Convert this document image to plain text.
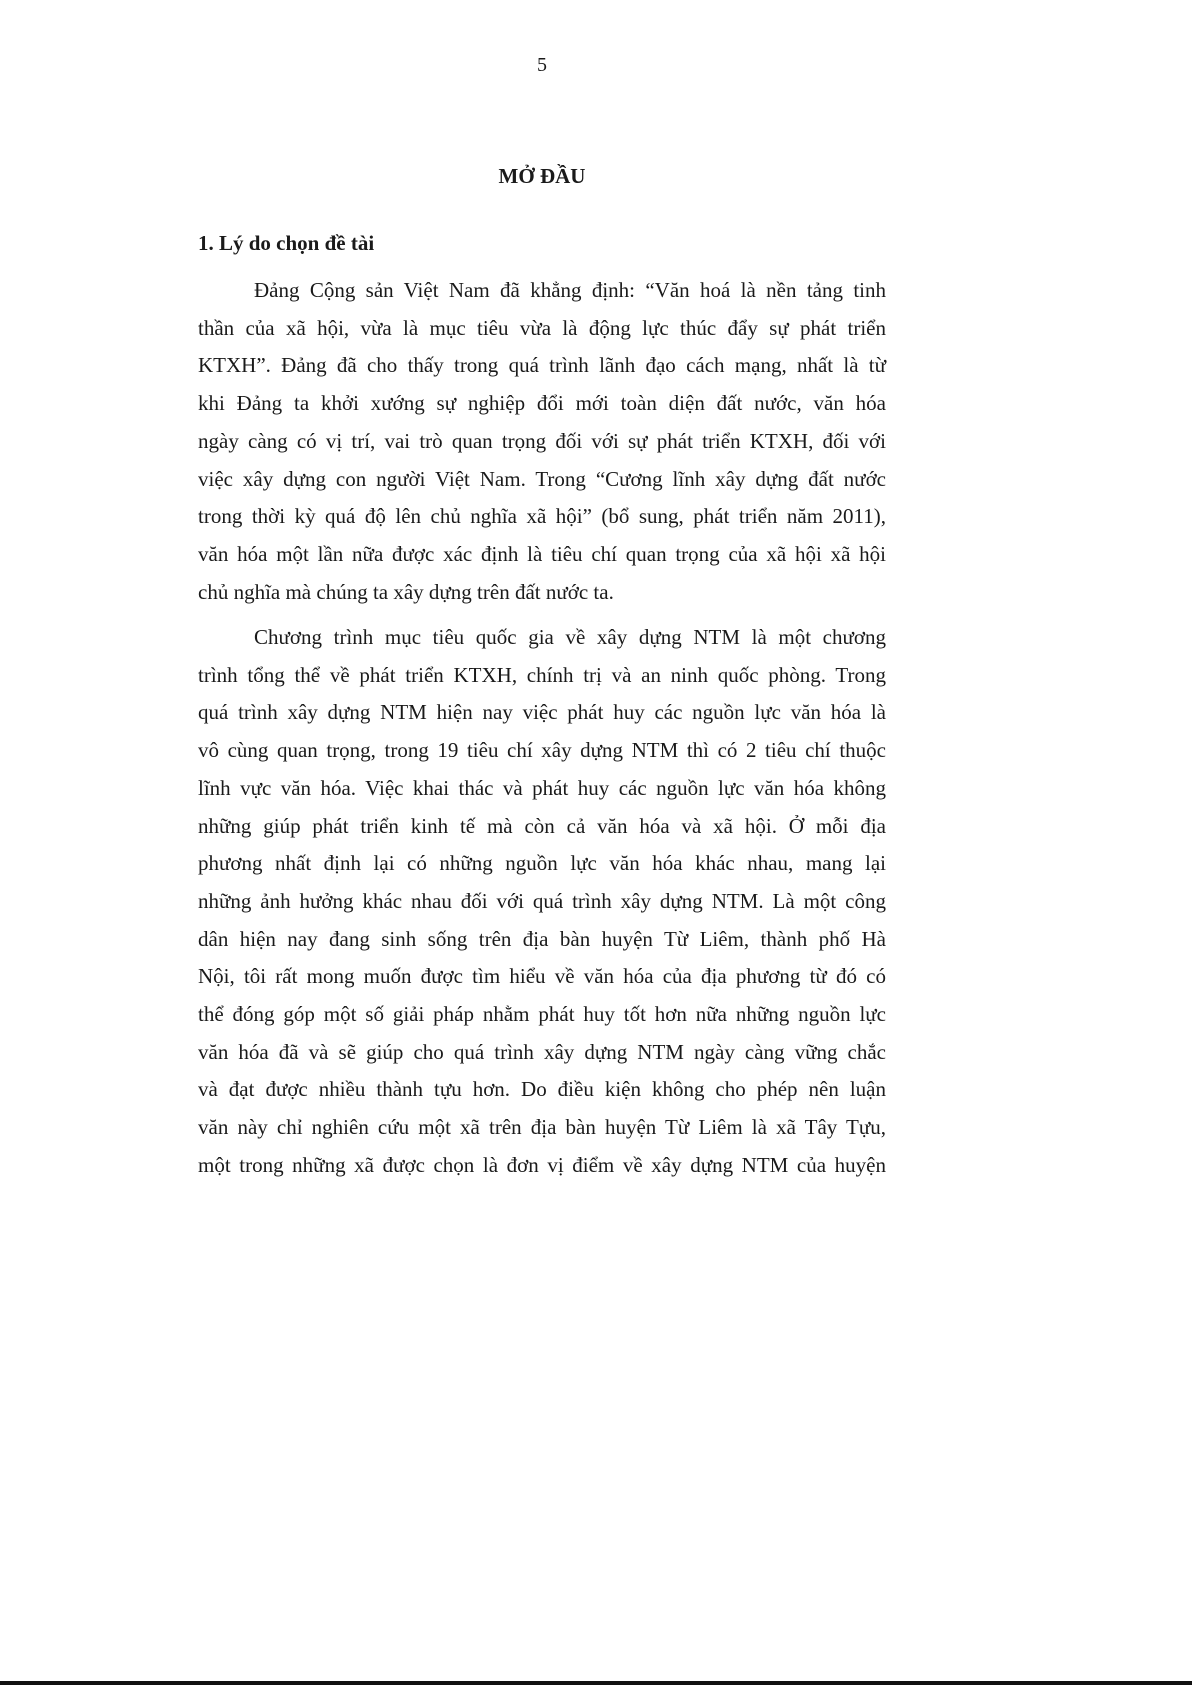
5
MỞ ĐẦU
1. Lý do chọn đề tài
Đảng Cộng sản Việt Nam đã khẳng định: “Văn hoá là nền tảng tinh
thần của xã hội, vừa là mục tiêu vừa là động lực thúc đẩy sự phát triển
KTXH”. Đảng đã cho thấy trong quá trình lãnh đạo cách mạng, nhất là từ
khi Đảng ta khởi xướng sự nghiệp đổi mới toàn diện đất nước, văn hóa
ngày càng có vị trí, vai trò quan trọng đối với sự phát triển KTXH, đối với
việc xây dựng con người Việt Nam. Trong “Cương lĩnh xây dựng đất nước
trong thời kỳ quá độ lên chủ nghĩa xã hội” (bổ sung, phát triển năm 2011),
văn hóa một lần nữa được xác định là tiêu chí quan trọng của xã hội xã hội
chủ nghĩa mà chúng ta xây dựng trên đất nước ta.
Chương trình mục tiêu quốc gia về xây dựng NTM là một chương
trình tổng thể về phát triển KTXH, chính trị và an ninh quốc phòng. Trong
quá trình xây dựng NTM hiện nay việc phát huy các nguồn lực văn hóa là
vô cùng quan trọng, trong 19 tiêu chí xây dựng NTM thì có 2 tiêu chí thuộc
lĩnh vực văn hóa. Việc khai thác và phát huy các nguồn lực văn hóa không
những giúp phát triển kinh tế mà còn cả văn hóa và xã hội. Ở mỗi địa
phương nhất định lại có những nguồn lực văn hóa khác nhau, mang lại
những ảnh hưởng khác nhau đối với quá trình xây dựng NTM. Là một công
dân hiện nay đang sinh sống trên địa bàn huyện Từ Liêm, thành phố Hà
Nội, tôi rất mong muốn được tìm hiểu về văn hóa của địa phương từ đó có
thể đóng góp một số giải pháp nhằm phát huy tốt hơn nữa những nguồn lực
văn hóa đã và sẽ giúp cho quá trình xây dựng NTM ngày càng vững chắc
và đạt được nhiều thành tựu hơn. Do điều kiện không cho phép nên luận
văn này chỉ nghiên cứu một xã trên địa bàn huyện Từ Liêm là xã Tây Tựu,
một trong những xã được chọn là đơn vị điểm về xây dựng NTM của huyện
